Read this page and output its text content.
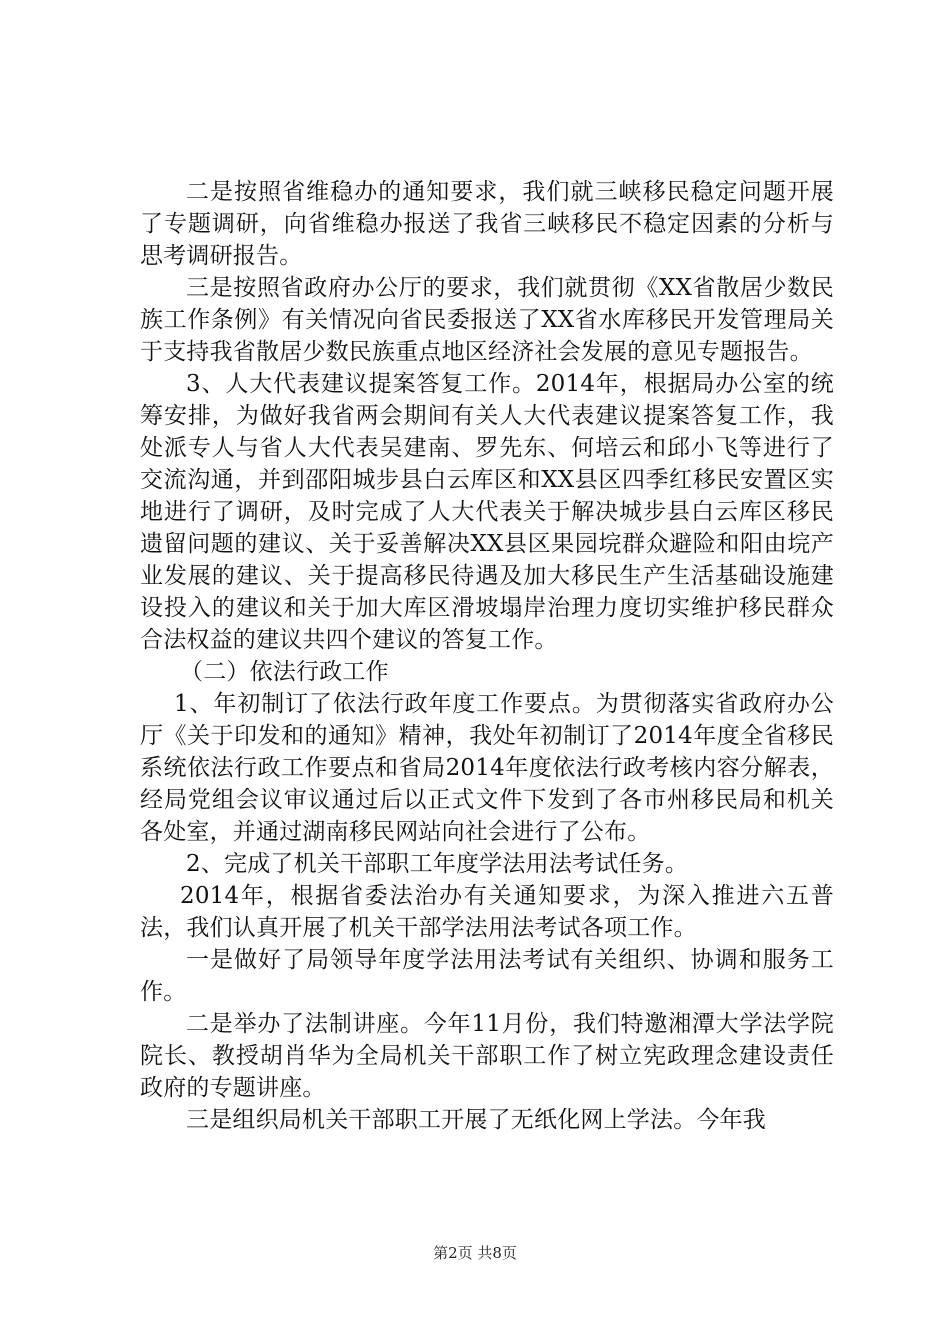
二是按照省维稳办的通知要求，我们就三峡移民稳定问题开展了专题调研，向省维稳办报送了我省三峡移民不稳定因素的分析与思考调研报告。

三是按照省政府办公厅的要求，我们就贯彻《XX省散居少数民族工作条例》有关情况向省民委报送了XX省水库移民开发管理局关于支持我省散居少数民族重点地区经济社会发展的意见专题报告。

3、人大代表建议提案答复工作。2014年，根据局办公室的统筹安排，为做好我省两会期间有关人大代表建议提案答复工作，我处派专人与省人大代表吴建南、罗先东、何培云和邱小飞等进行了交流沟通，并到邵阳城步县白云库区和XX县区四季红移民安置区实地进行了调研，及时完成了人大代表关于解决城步县白云库区移民遗留问题的建议、关于妥善解决XX县区果园垸群众避险和阳由垸产业发展的建议、关于提高移民待遇及加大移民生产生活基础设施建设投入的建议和关于加大库区滑坡塌岸治理力度切实维护移民群众合法权益的建议共四个建议的答复工作。

（二）依法行政工作

1、年初制订了依法行政年度工作要点。为贯彻落实省政府办公厅《关于印发和的通知》精神，我处年初制订了2014年度全省移民系统依法行政工作要点和省局2014年度依法行政考核内容分解表，经局党组会议审议通过后以正式文件下发到了各市州移民局和机关各处室，并通过湖南移民网站向社会进行了公布。

2、完成了机关干部职工年度学法用法考试任务。

2014年，根据省委法治办有关通知要求，为深入推进六五普法，我们认真开展了机关干部学法用法考试各项工作。

一是做好了局领导年度学法用法考试有关组织、协调和服务工作。

二是举办了法制讲座。今年11月份，我们特邀湘潭大学法学院院长、教授胡肖华为全局机关干部职工作了树立宪政理念建设责任政府的专题讲座。

三是组织局机关干部职工开展了无纸化网上学法。今年我

第2页 共8页
